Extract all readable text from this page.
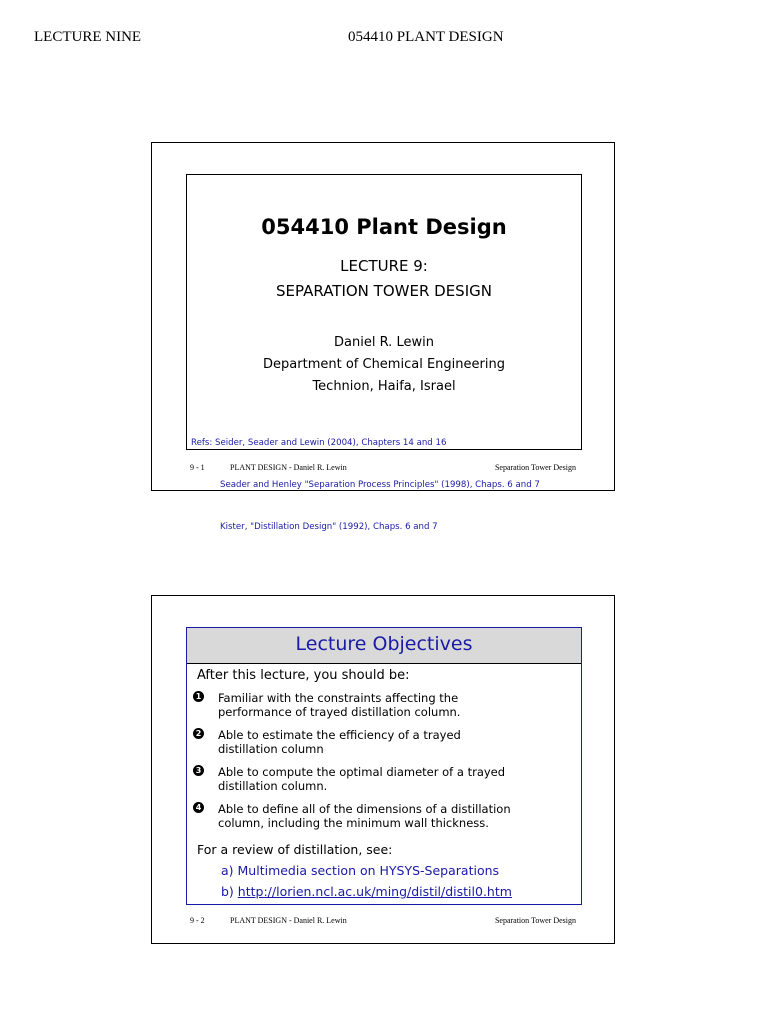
LECTURE NINE	054410 PLANT DESIGN
054410 Plant Design
LECTURE 9:
SEPARATION TOWER DESIGN
Daniel R. Lewin
Department of Chemical Engineering
Technion, Haifa, Israel

Refs: Seider, Seader and Lewin (2004), Chapters 14 and 16

Seader and Henley "Separation Process Principles" (1998), Chaps. 6 and 7

Kister, "Distillation Design" (1992), Chaps. 6 and 7

9 - 1	PLANT DESIGN - Daniel R. Lewin	Separation Tower Design
Lecture Objectives
After this lecture, you should be:
1 Familiar with the constraints affecting the
performance of trayed distillation column.
2 Able to estimate the efficiency of a trayed
distillation column
3 Able to compute the optimal diameter of a trayed
distillation column.
4 Able to define all of the dimensions of a distillation
column, including the minimum wall thickness.
For a review of distillation, see:
a) Multimedia section on HYSYS-Separations
b) http://lorien.ncl.ac.uk/ming/distil/distil0.htm
9 - 2	PLANT DESIGN - Daniel R. Lewin	Separation Tower Design
